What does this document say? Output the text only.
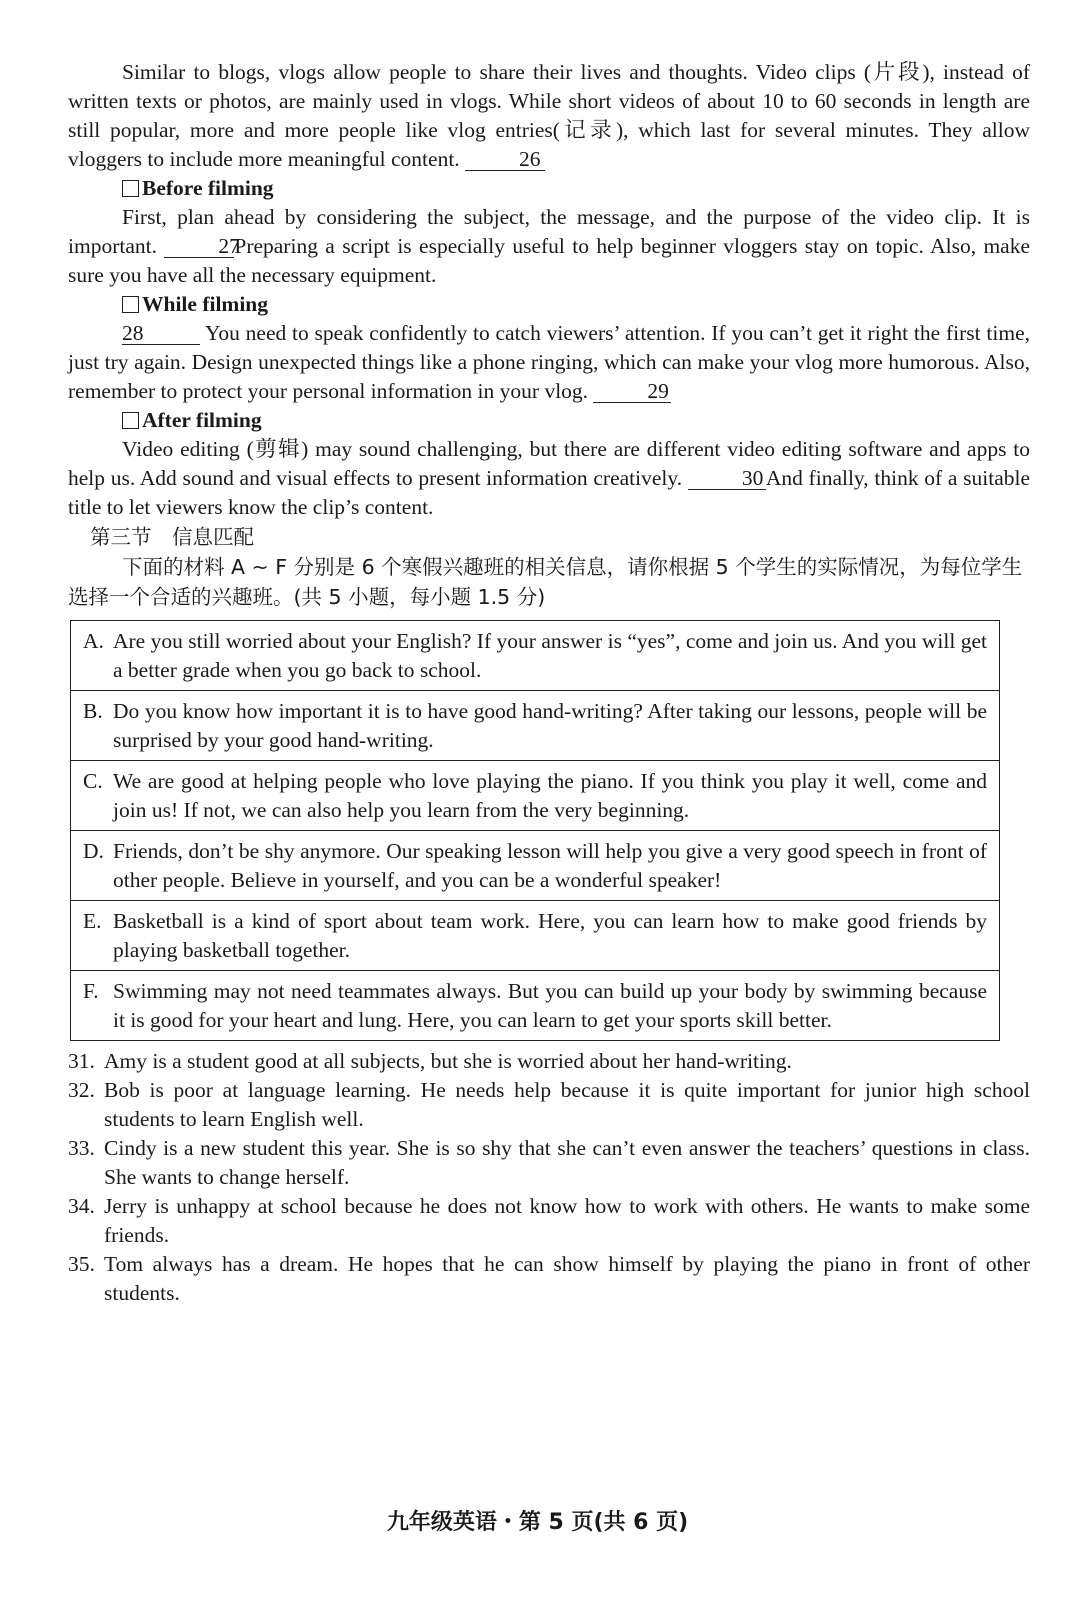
Similar to blogs, vlogs allow people to share their lives and thoughts. Video clips (片段), instead of written texts or photos, are mainly used in vlogs. While short videos of about 10 to 60 seconds in length are still popular, more and more people like vlog entries(记录), which last for several minutes. They allow vloggers to include more meaningful content.	26

Before filming

First, plan ahead by considering the subject, the message, and the purpose of the video clip. It is important.	27Preparing a script is especially useful to help beginner vloggers stay on topic. Also, make sure you have all the necessary equipment.

While filming

28	You need to speak confidently to catch viewers’ attention. If you can’t get it right the first time, just try again. Design unexpected things like a phone ringing, which can make your vlog more humorous. Also, remember to protect your personal information in your vlog.	29

After filming

Video editing (剪辑) may sound challenging, but there are different video editing software and apps to help us. Add sound and visual effects to present information creatively.	30 And finally, think of a suitable title to let viewers know the clip’s content.

第三节　信息匹配

下面的材料 A ~ F 分别是 6 个寒假兴趣班的相关信息，请你根据 5 个学生的实际情况，为每位学生选择一个合适的兴趣班。(共 5 小题，每小题 1.5 分)

A. Are you still worried about your English? If your answer is “yes”, come and join us. And you will get a better grade when you go back to school.

B. Do you know how important it is to have good hand-writing? After taking our lessons, people will be surprised by your good hand-writing.

C. We are good at helping people who love playing the piano. If you think you play it well, come and join us! If not, we can also help you learn from the very beginning.

D. Friends, don’t be shy anymore. Our speaking lesson will help you give a very good speech in front of other people. Believe in yourself, and you can be a wonderful speaker!

E. Basketball is a kind of sport about team work. Here, you can learn how to make good friends by playing basketball together.

F. Swimming may not need teammates always. But you can build up your body by swimming because it is good for your heart and lung. Here, you can learn to get your sports skill better.
31. Amy is a student good at all subjects, but she is worried about her hand-writing.
32. Bob is poor at language learning. He needs help because it is quite important for junior high school students to learn English well.
33. Cindy is a new student this year. She is so shy that she can’t even answer the teachers’ questions in class. She wants to change herself.
34. Jerry is unhappy at school because he does not know how to work with others. He wants to make some friends.
35. Tom always has a dream. He hopes that he can show himself by playing the piano in front of other students.
九年级英语・第 5 页(共 6 页)
